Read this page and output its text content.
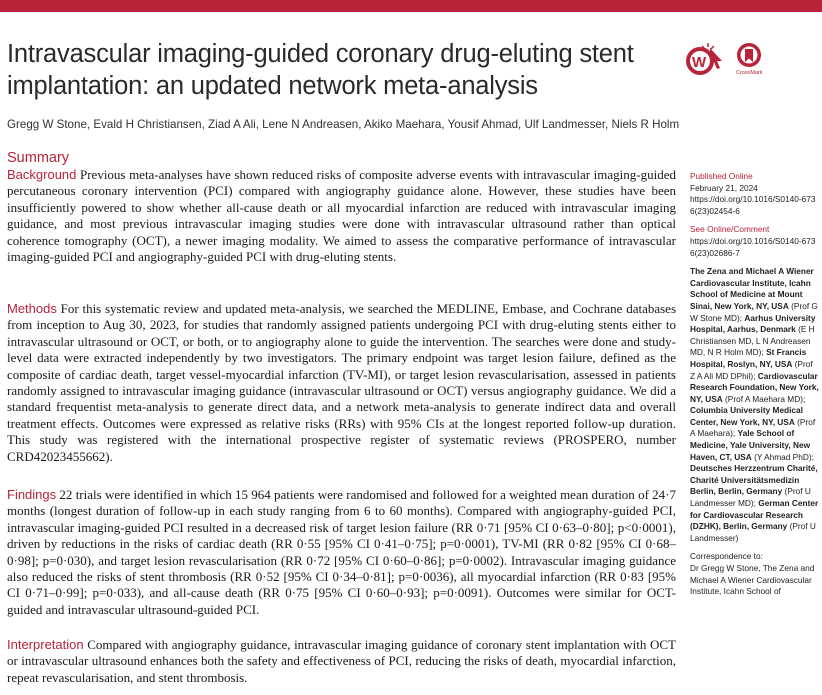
Intravascular imaging-guided coronary drug-eluting stent implantation: an updated network meta-analysis
W
CrossMark

Gregg W Stone, Evald H Christiansen, Ziad A Ali, Lene N Andreasen, Akiko Maehara, Yousif Ahmad, Ulf Landmesser, Niels R Holm

Summary

Background Previous meta-analyses have shown reduced risks of composite adverse events with intravascular imaging-guided percutaneous coronary intervention (PCI) compared with angiography guidance alone. However, these studies have been insufficiently powered to show whether all-cause death or all myocardial infarction are reduced with intravascular imaging guidance, and most previous intravascular imaging studies were done with intravascular ultrasound rather than optical coherence tomography (OCT), a newer imaging modality. We aimed to assess the comparative performance of intravascular imaging-guided PCI and angiography-guided PCI with drug-eluting stents.

Methods For this systematic review and updated meta-analysis, we searched the MEDLINE, Embase, and Cochrane databases from inception to Aug 30, 2023, for studies that randomly assigned patients undergoing PCI with drug-eluting stents either to intravascular ultrasound or OCT, or both, or to angiography alone to guide the intervention. The searches were done and study-level data were extracted independently by two investigators. The primary endpoint was target lesion failure, defined as the composite of cardiac death, target vessel-myocardial infarction (TV-MI), or target lesion revascularisation, assessed in patients randomly assigned to intravascular imaging guidance (intravascular ultrasound or OCT) versus angiography guidance. We did a standard frequentist meta-analysis to generate direct data, and a network meta-analysis to generate indirect data and overall treatment effects. Outcomes were expressed as relative risks (RRs) with 95% CIs at the longest reported follow-up duration. This study was registered with the international prospective register of systematic reviews (PROSPERO, number CRD42023455662).

Findings 22 trials were identified in which 15 964 patients were randomised and followed for a weighted mean duration of 24·7 months (longest duration of follow-up in each study ranging from 6 to 60 months). Compared with angiography-guided PCI, intravascular imaging-guided PCI resulted in a decreased risk of target lesion failure (RR 0·71 [95% CI 0·63–0·80]; p<0·0001), driven by reductions in the risks of cardiac death (RR 0·55 [95% CI 0·41–0·75]; p=0·0001), TV-MI (RR 0·82 [95% CI 0·68–0·98]; p=0·030), and target lesion revascularisation (RR 0·72 [95% CI 0·60–0·86]; p=0·0002). Intravascular imaging guidance also reduced the risks of stent thrombosis (RR 0·52 [95% CI 0·34–0·81]; p=0·0036), all myocardial infarction (RR 0·83 [95% CI 0·71–0·99]; p=0·033), and all-cause death (RR 0·75 [95% CI 0·60–0·93]; p=0·0091). Outcomes were similar for OCT-guided and intravascular ultrasound-guided PCI.

Interpretation Compared with angiography guidance, intravascular imaging guidance of coronary stent implantation with OCT or intravascular ultrasound enhances both the safety and effectiveness of PCI, reducing the risks of death, myocardial infarction, repeat revascularisation, and stent thrombosis.

Published Online
February 21, 2024
https://doi.org/10.1016/S0140-6736(23)02454-6

See Online/Comment
https://doi.org/10.1016/S0140-6736(23)02686-7

The Zena and Michael A Wiener Cardiovascular Institute, Icahn School of Medicine at Mount Sinai, New York, NY, USA (Prof G W Stone MD); Aarhus University Hospital, Aarhus, Denmark (E H Christiansen MD, L N Andreasen MD, N R Holm MD); St Francis Hospital, Roslyn, NY, USA (Prof Z A Ali MD DPhil); Cardiovascular Research Foundation, New York, NY, USA (Prof A Maehara MD); Columbia University Medical Center, New York, NY, USA (Prof A Maehara); Yale School of Medicine, Yale University, New Haven, CT, USA (Y Ahmad PhD); Deutsches Herzzentrum Charité, Charité Universitätsmedizin Berlin, Berlin, Germany (Prof U Landmesser MD); German Center for Cardiovascular Research (DZHK), Berlin, Germany (Prof U Landmesser)

Correspondence to:
Dr Gregg W Stone, The Zena and Michael A Wiener Cardiovascular Institute, Icahn School of
